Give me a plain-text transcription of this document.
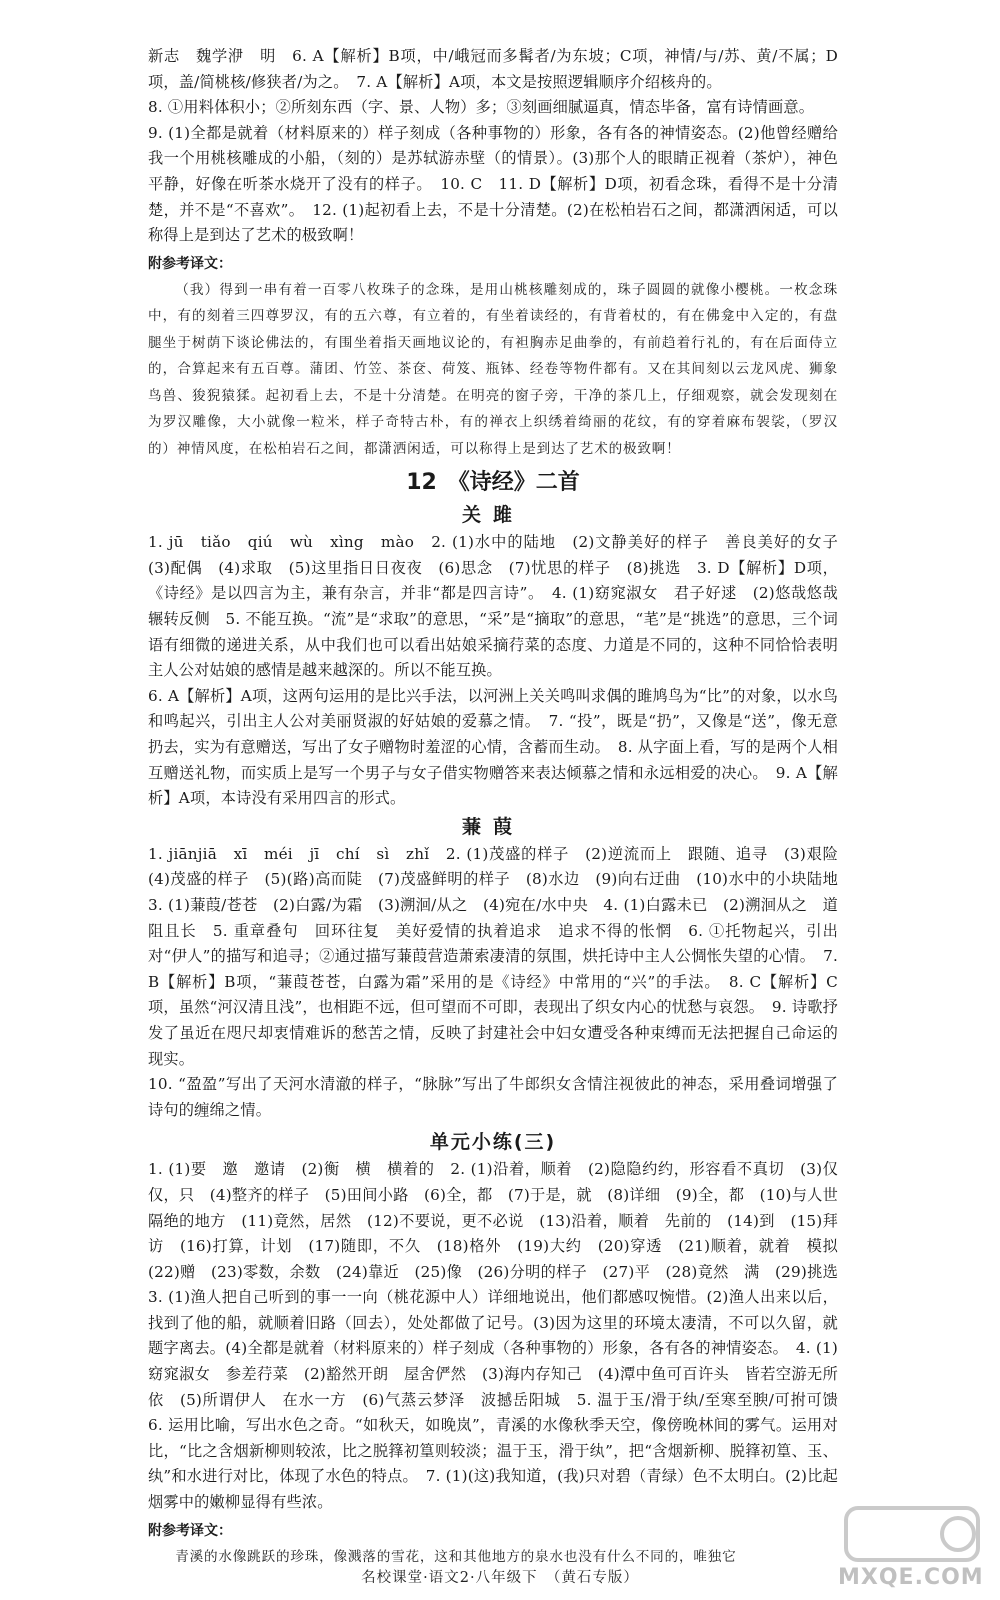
新志　魏学洢　明　6. A【解析】B项，中/峨冠而多髯者/为东坡；C项，神情/与/苏、黄/不属；D项，盖/简桃核/修狭者/为之。　7. A【解析】A项，本文是按照逻辑顺序介绍核舟的。

8. ①用料体积小；②所刻东西（字、景、人物）多；③刻画细腻逼真，情态毕备，富有诗情画意。

9. (1)全都是就着（材料原来的）样子刻成（各种事物的）形象，各有各的神情姿态。(2)他曾经赠给我一个用桃核雕成的小船，（刻的）是苏轼游赤壁（的情景）。(3)那个人的眼睛正视着（茶炉），神色平静，好像在听茶水烧开了没有的样子。　10. C　11. D【解析】D项，初看念珠，看得不是十分清楚，并不是“不喜欢”。　12. (1)起初看上去，不是十分清楚。(2)在松柏岩石之间，都潇洒闲适，可以称得上是到达了艺术的极致啊！

附参考译文：

（我）得到一串有着一百零八枚珠子的念珠，是用山桃核雕刻成的，珠子圆圆的就像小樱桃。一枚念珠中，有的刻着三四尊罗汉，有的五六尊，有立着的，有坐着读经的，有背着杖的，有在佛龛中入定的，有盘腿坐于树荫下谈论佛法的，有围坐着指天画地议论的，有袒胸赤足曲拳的，有前趋着行礼的，有在后面侍立的，合算起来有五百尊。蒲团、竹笠、茶奁、荷笈、瓶钵、经卷等物件都有。又在其间刻以云龙风虎、狮象鸟兽、狻猊猿猱。起初看上去，不是十分清楚。在明亮的窗子旁，干净的茶几上，仔细观察，就会发现刻在为罗汉雕像，大小就像一粒米，样子奇特古朴，有的禅衣上织绣着绮丽的花纹，有的穿着麻布袈裟，（罗汉的）神情风度，在松柏岩石之间，都潇洒闲适，可以称得上是到达了艺术的极致啊！

12　《诗经》二首
关雎

1. jū　tiǎo　qiú　wù　xìng　mào　2. (1)水中的陆地　(2)文静美好的样子　善良美好的女子　(3)配偶　(4)求取　(5)这里指日日夜夜　(6)思念　(7)忧思的样子　(8)挑选　3. D【解析】D项，《诗经》是以四言为主，兼有杂言，并非“都是四言诗”。　4. (1)窈窕淑女　君子好逑　(2)悠哉悠哉　辗转反侧　5. 不能互换。“流”是“求取”的意思，“采”是“摘取”的意思，“芼”是“挑选”的意思，三个词语有细微的递进关系，从中我们也可以看出姑娘采摘荇菜的态度、力道是不同的，这种不同恰恰表明主人公对姑娘的感情是越来越深的。所以不能互换。

6. A【解析】A项，这两句运用的是比兴手法，以河洲上关关鸣叫求偶的雎鸠鸟为“比”的对象，以水鸟和鸣起兴，引出主人公对美丽贤淑的好姑娘的爱慕之情。　7. “投”，既是“扔”，又像是“送”，像无意扔去，实为有意赠送，写出了女子赠物时羞涩的心情，含蓄而生动。　8. 从字面上看，写的是两个人相互赠送礼物，而实质上是写一个男子与女子借实物赠答来表达倾慕之情和永远相爱的决心。　9. A【解析】A项，本诗没有采用四言的形式。

蒹葭

1. jiānjiā　xī　méi　jī　chí　sì　zhǐ　2. (1)茂盛的样子　(2)逆流而上　跟随、追寻　(3)艰险　(4)茂盛的样子　(5)(路)高而陡　(7)茂盛鲜明的样子　(8)水边　(9)向右迂曲　(10)水中的小块陆地　3. (1)蒹葭/苍苍　(2)白露/为霜　(3)溯洄/从之　(4)宛在/水中央　4. (1)白露未已　(2)溯洄从之　道阻且长　5. 重章叠句　回环往复　美好爱情的执着追求　追求不得的怅惘　6. ①托物起兴，引出对“伊人”的描写和追寻；②通过描写蒹葭营造萧索凄清的氛围，烘托诗中主人公惆怅失望的心情。　7. B【解析】B项，“蒹葭苍苍，白露为霜”采用的是《诗经》中常用的“兴”的手法。　8. C【解析】C项，虽然“河汉清且浅”，也相距不远，但可望而不可即，表现出了织女内心的忧愁与哀怨。　9. 诗歌抒发了虽近在咫尺却衷情难诉的愁苦之情，反映了封建社会中妇女遭受各种束缚而无法把握自己命运的现实。

10. “盈盈”写出了天河水清澈的样子，“脉脉”写出了牛郎织女含情注视彼此的神态，采用叠词增强了诗句的缠绵之情。

单元小练(三)

1. (1)要　邀　邀请　(2)衡　横　横着的　2. (1)沿着，顺着　(2)隐隐约约，形容看不真切　(3)仅仅，只　(4)整齐的样子　(5)田间小路　(6)全，都　(7)于是，就　(8)详细　(9)全，都　(10)与人世隔绝的地方　(11)竟然，居然　(12)不要说，更不必说　(13)沿着，顺着　先前的　(14)到　(15)拜访　(16)打算，计划　(17)随即，不久　(18)格外　(19)大约　(20)穿透　(21)顺着，就着　模拟　(22)赠　(23)零数，余数　(24)靠近　(25)像　(26)分明的样子　(27)平　(28)竟然　满　(29)挑选　3. (1)渔人把自己听到的事一一向（桃花源中人）详细地说出，他们都感叹惋惜。(2)渔人出来以后，找到了他的船，就顺着旧路（回去），处处都做了记号。(3)因为这里的环境太凄清，不可以久留，就题字离去。(4)全都是就着（材料原来的）样子刻成（各种事物的）形象，各有各的神情姿态。　4. (1)窈窕淑女　参差荇菜　(2)豁然开朗　屋舍俨然　(3)海内存知己　(4)潭中鱼可百许头　皆若空游无所依　(5)所谓伊人　在水一方　(6)气蒸云梦泽　波撼岳阳城　5. 温于玉/滑于纨/至寒至腴/可拊可馈　6. 运用比喻，写出水色之奇。“如秋天，如晚岚”，青溪的水像秋季天空，像傍晚林间的雾气。运用对比，“比之含烟新柳则较浓，比之脱箨初篁则较淡；温于玉，滑于纨”，把“含烟新柳、脱箨初篁、玉、纨”和水进行对比，体现了水色的特点。　7. (1)(这)我知道，(我)只对碧（青绿）色不太明白。(2)比起烟雾中的嫩柳显得有些浓。

附参考译文：

青溪的水像跳跃的珍珠，像溅落的雪花，这和其他地方的泉水也没有什么不同的，唯独它

名校课堂·语文2·八年级下　（黄石专版）	MXQE.COM
